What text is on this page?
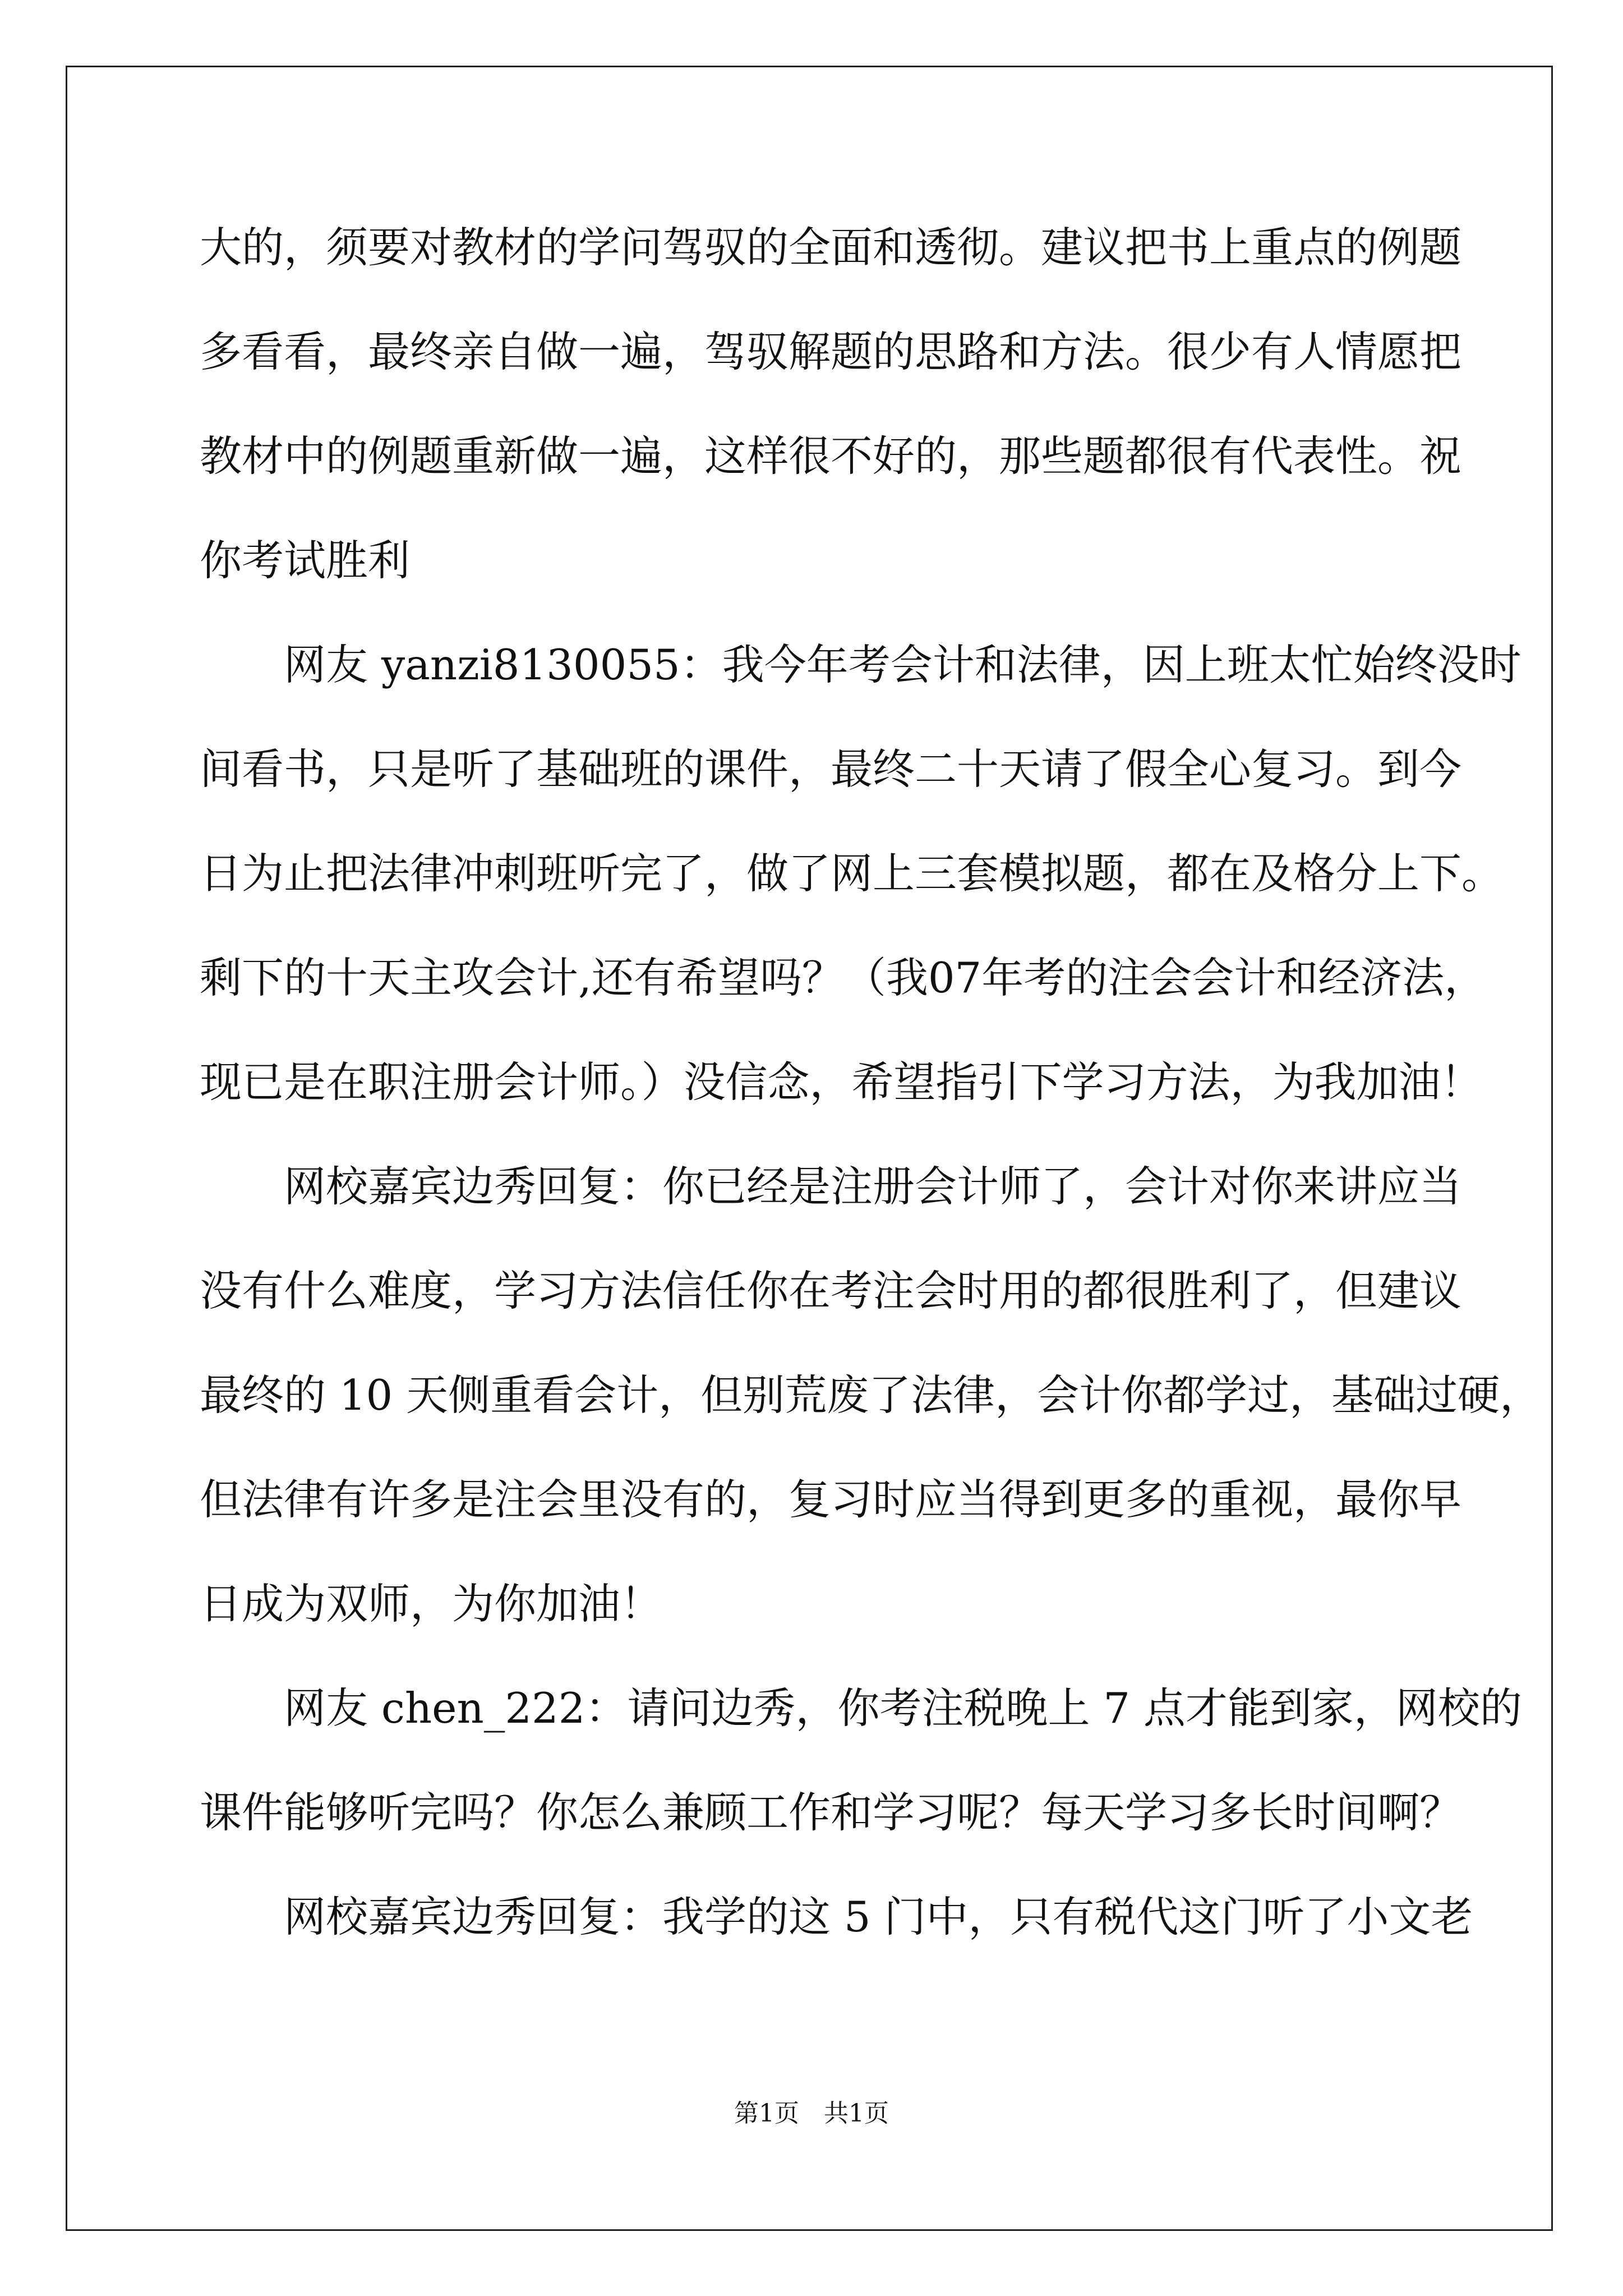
大的，须要对教材的学问驾驭的全面和透彻。建议把书上重点的例题
多看看，最终亲自做一遍，驾驭解题的思路和方法。很少有人情愿把
教材中的例题重新做一遍，这样很不好的，那些题都很有代表性。祝
你考试胜利
网友 yanzi8130055：我今年考会计和法律，因上班太忙始终没时
间看书，只是听了基础班的课件，最终二十天请了假全心复习。到今
日为止把法律冲刺班听完了，做了网上三套模拟题，都在及格分上下。
剩下的十天主攻会计,还有希望吗？（我07年考的注会会计和经济法，
现已是在职注册会计师。）没信念，希望指引下学习方法，为我加油！
网校嘉宾边秀回复：你已经是注册会计师了，会计对你来讲应当
没有什么难度，学习方法信任你在考注会时用的都很胜利了，但建议
最终的 10 天侧重看会计，但别荒废了法律，会计你都学过，基础过硬，
但法律有许多是注会里没有的，复习时应当得到更多的重视，最你早
日成为双师，为你加油！
网友 chen_222：请问边秀，你考注税晚上 7 点才能到家，网校的
课件能够听完吗？你怎么兼顾工作和学习呢？每天学习多长时间啊？
网校嘉宾边秀回复：我学的这 5 门中，只有税代这门听了小文老
第1页　共1页
